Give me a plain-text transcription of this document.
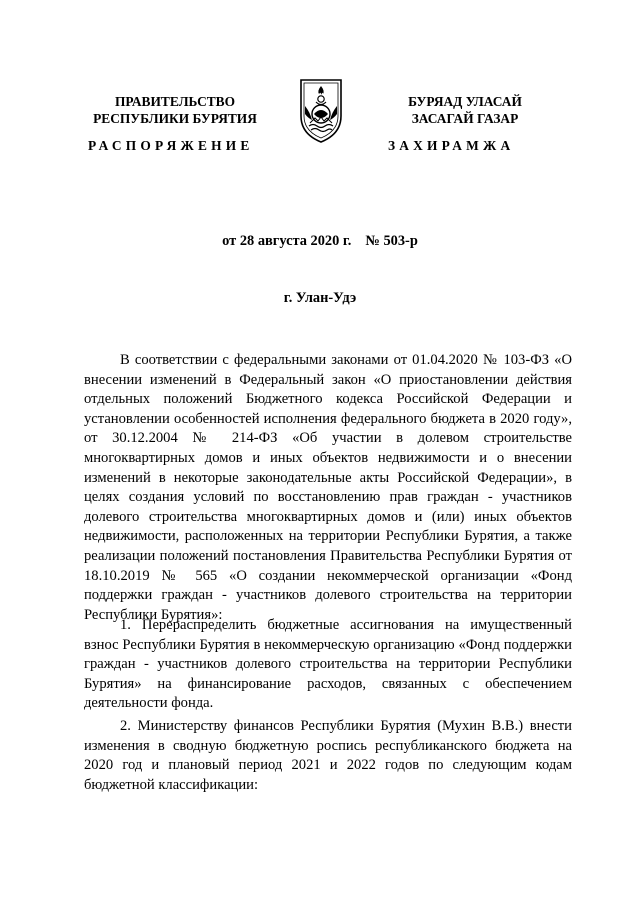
ПРАВИТЕЛЬСТВО
РЕСПУБЛИКИ БУРЯТИЯ
БУРЯАД УЛАСАЙ
ЗАСАГАЙ ГАЗАР
РАСПОРЯЖЕНИЕ	ЗАХИРАМЖА
от 28 августа 2020 г. № 503-р
г. Улан-Удэ

В соответствии с федеральными законами от 01.04.2020 № 103-ФЗ «О внесении изменений в Федеральный закон «О приостановлении действия отдельных положений Бюджетного кодекса Российской Федерации и установлении особенностей исполнения федерального бюджета в 2020 году», от 30.12.2004 № 214-ФЗ «Об участии в долевом строительстве многоквартирных домов и иных объектов недвижимости и о внесении изменений в некоторые законодательные акты Российской Федерации», в целях создания условий по восстановлению прав граждан - участников долевого строительства многоквартирных домов и (или) иных объектов недвижимости, расположенных на территории Республики Бурятия, а также реализации положений постановления Правительства Республики Бурятия от 18.10.2019 № 565 «О создании некоммерческой организации «Фонд поддержки граждан - участников долевого строительства на территории Республики Бурятия»:

1. Перераспределить бюджетные ассигнования на имущественный взнос Республики Бурятия в некоммерческую организацию «Фонд поддержки граждан - участников долевого строительства на территории Республики Бурятия» на финансирование расходов, связанных с обеспечением деятельности фонда.

2. Министерству финансов Республики Бурятия (Мухин В.В.) внести изменения в сводную бюджетную роспись республиканского бюджета на 2020 год и плановый период 2021 и 2022 годов по следующим кодам бюджетной классификации:
